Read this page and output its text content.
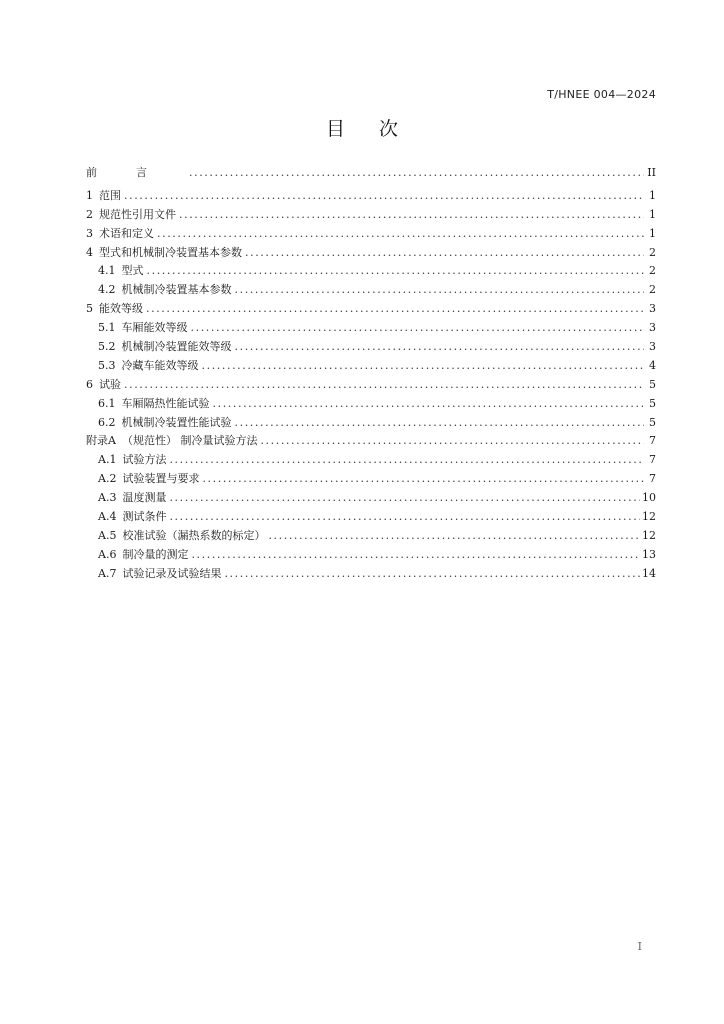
T/HNEE 004—2024
目次
前言 .....	II
1 范围 .....	1
2 规范性引用文件 .....	1
3 术语和定义 .....	1
4 型式和机械制冷装置基本参数 .....	2
4.1 型式 .....	2
4.2 机械制冷装置基本参数 .....	2
5 能效等级 .....	3
5.1 车厢能效等级 .....	3
5.2 机械制冷装置能效等级 .....	3
5.3 冷藏车能效等级 .....	4
6 试验 .....	5
6.1 车厢隔热性能试验 .....	5
6.2 机械制冷装置性能试验 .....	5
附录A （规范性） 制冷量试验方法 .....	7
A.1 试验方法 .....	7
A.2 试验装置与要求 .....	7
A.3 温度测量 .....	10
A.4 测试条件 .....	12
A.5 校准试验（漏热系数的标定） .....	12
A.6 制冷量的测定 .....	13
A.7 试验记录及试验结果 .....	14
I
